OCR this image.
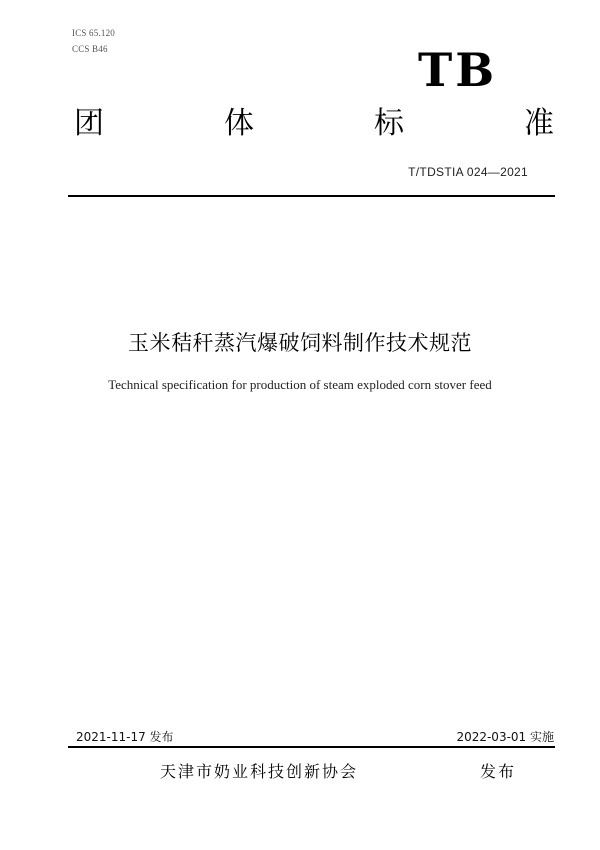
ICS 65.120
CCS B46	TB
团	体	标	准
T/TDSTIA 024—2021
玉米秸秆蒸汽爆破饲料制作技术规范
Technical specification for production of steam exploded corn stover feed
2021-11-17 发布	2022-03-01 实施
天津市奶业科技创新协会	发布
